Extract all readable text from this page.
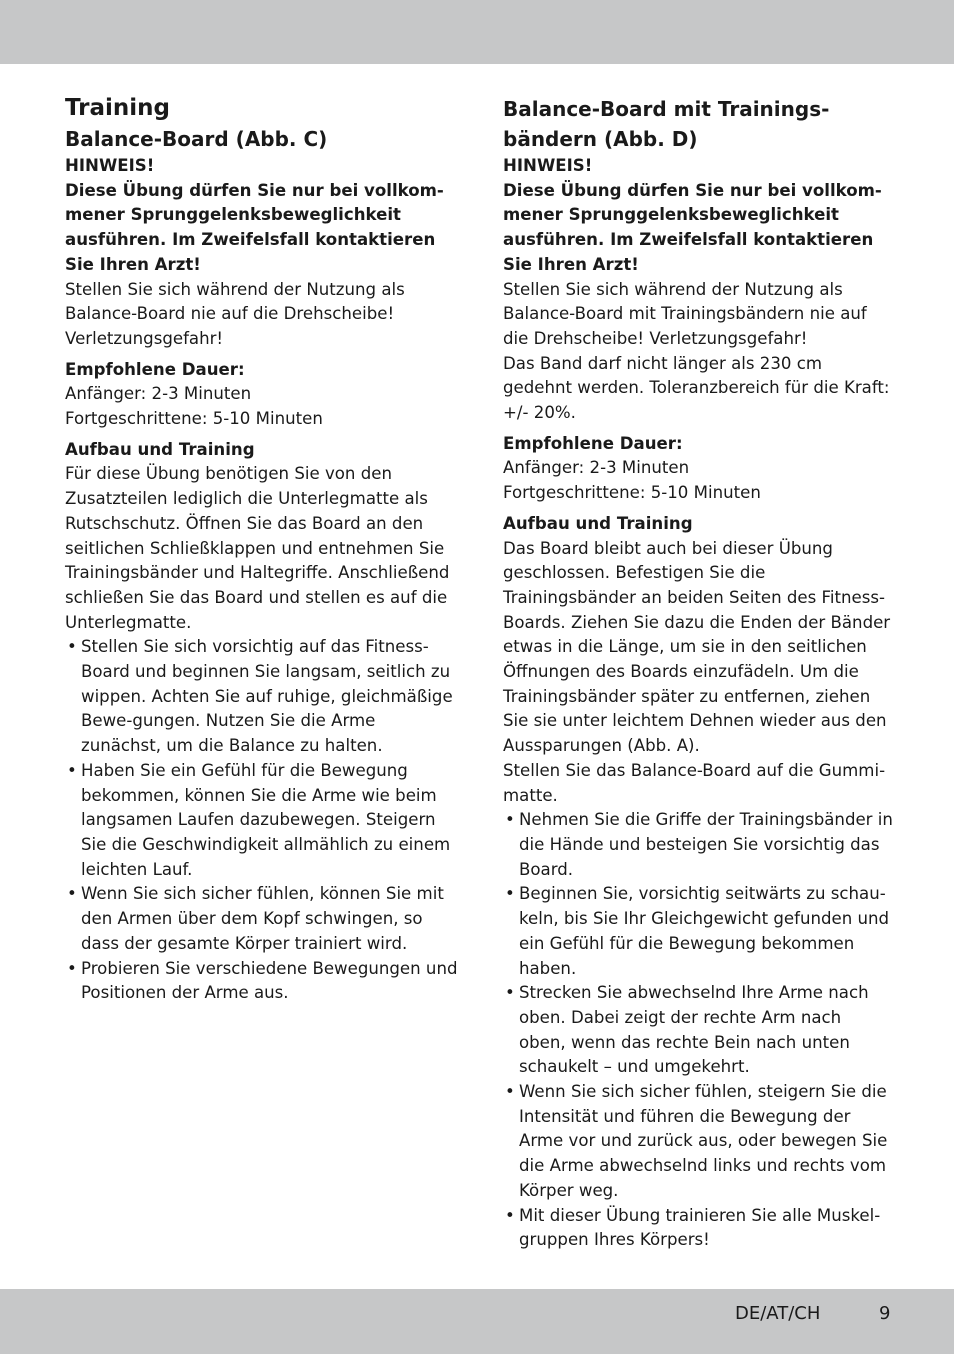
Training
Balance-Board (Abb. C)
HINWEIS!
Diese Übung dürfen Sie nur bei vollkom-mener Sprunggelenksbeweglichkeit ausführen. Im Zweifelsfall kontaktieren Sie Ihren Arzt!
Stellen Sie sich während der Nutzung als Balance-Board nie auf die Drehscheibe! Verletzungsgefahr!
Empfohlene Dauer:
Anfänger: 2-3 Minuten
Fortgeschrittene: 5-10 Minuten
Aufbau und Training
Für diese Übung benötigen Sie von den Zusatzteilen lediglich die Unterlegmatte als Rutschschutz. Öffnen Sie das Board an den seitlichen Schließklappen und entnehmen Sie Trainingsbänder und Haltegriffe. Anschließend schließen Sie das Board und stellen es auf die Unterlegmatte.
• Stellen Sie sich vorsichtig auf das Fitness-Board und beginnen Sie langsam, seitlich zu wippen. Achten Sie auf ruhige, gleichmäßige Bewe-gungen. Nutzen Sie die Arme zunächst, um die Balance zu halten.
• Haben Sie ein Gefühl für die Bewegung bekommen, können Sie die Arme wie beim langsamen Laufen dazubewegen. Steigern Sie die Geschwindigkeit allmählich zu einem leichten Lauf.
• Wenn Sie sich sicher fühlen, können Sie mit den Armen über dem Kopf schwingen, so dass der gesamte Körper trainiert wird.
• Probieren Sie verschiedene Bewegungen und Positionen der Arme aus.
Balance-Board mit Trainings-bändern (Abb. D)
HINWEIS!
Diese Übung dürfen Sie nur bei vollkom-mener Sprunggelenksbeweglichkeit ausführen. Im Zweifelsfall kontaktieren Sie Ihren Arzt!
Stellen Sie sich während der Nutzung als Balance-Board mit Trainingsbändern nie auf die Drehscheibe! Verletzungsgefahr!
Das Band darf nicht länger als 230 cm gedehnt werden. Toleranzbereich für die Kraft: +/- 20%.
Empfohlene Dauer:
Anfänger: 2-3 Minuten
Fortgeschrittene: 5-10 Minuten
Aufbau und Training
Das Board bleibt auch bei dieser Übung geschlossen. Befestigen Sie die Trainingsbänder an beiden Seiten des Fitness-Boards. Ziehen Sie dazu die Enden der Bänder etwas in die Länge, um sie in den seitlichen Öffnungen des Boards einzufädeln. Um die Trainingsbänder später zu entfernen, ziehen Sie sie unter leichtem Dehnen wieder aus den Aussparungen (Abb. A).
Stellen Sie das Balance-Board auf die Gummi-matte.
• Nehmen Sie die Griffe der Trainingsbänder in die Hände und besteigen Sie vorsichtig das Board.
• Beginnen Sie, vorsichtig seitwärts zu schau-keln, bis Sie Ihr Gleichgewicht gefunden und ein Gefühl für die Bewegung bekommen haben.
• Strecken Sie abwechselnd Ihre Arme nach oben. Dabei zeigt der rechte Arm nach oben, wenn das rechte Bein nach unten schaukelt – und umgekehrt.
• Wenn Sie sich sicher fühlen, steigern Sie die Intensität und führen die Bewegung der Arme vor und zurück aus, oder bewegen Sie die Arme abwechselnd links und rechts vom Körper weg.
• Mit dieser Übung trainieren Sie alle Muskel-gruppen Ihres Körpers!
DE/AT/CH	9
